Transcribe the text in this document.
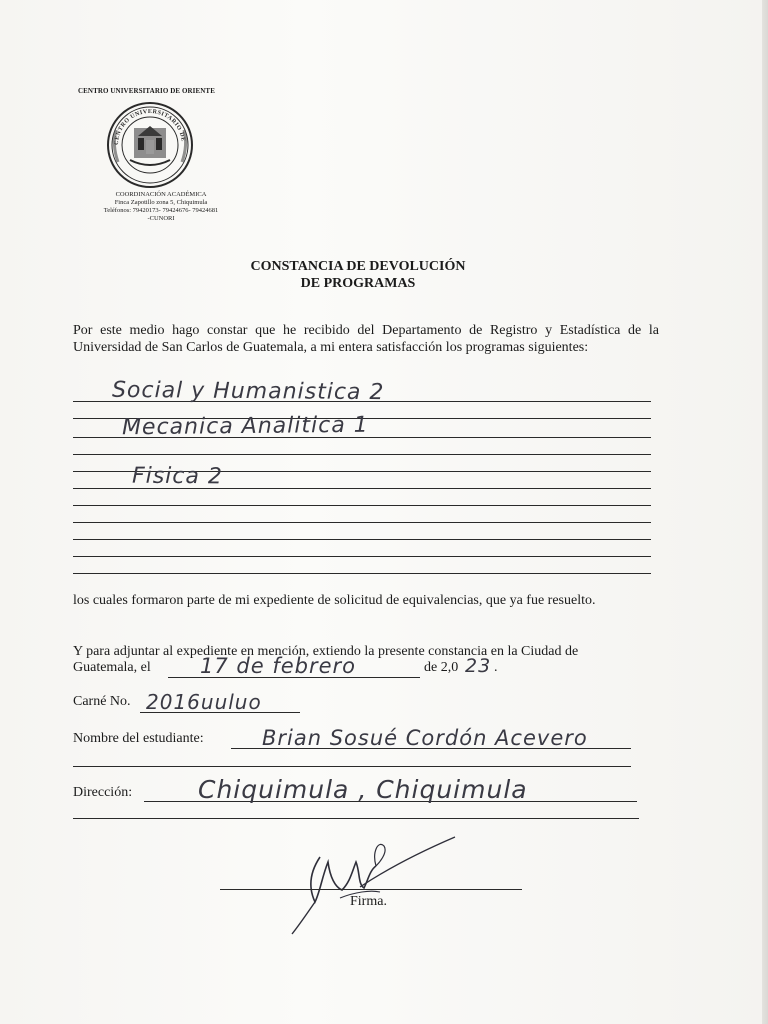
CENTRO UNIVERSITARIO DE ORIENTE
CENTRO UNIVERSITARIO DE
COORDINACIÓN ACADÉMICA
Finca Zapotillo zona 5, Chiquimula
Teléfonos: 79420173- 79424676- 79424681
-CUNORI
CONSTANCIA DE DEVOLUCIÓN
DE PROGRAMAS
Por este medio hago constar que he recibido del Departamento de Registro y Estadística de la Universidad de San Carlos de Guatemala, a mi entera satisfacción los programas siguientes:
Social y Humanistica 2
Mecanica Analitica 1
Fisica 2
los cuales formaron parte de mi expediente de solicitud de equivalencias, que ya fue resuelto.
Y para adjuntar al expediente en mención, extiendo la presente constancia en la Ciudad de
Guatemala, el 17 de febrero	de 2,0 23 .
Carné No. 2016uuluo
Nombre del estudiante:	Brian Sosué Cordón Acevero
Dirección:	Chiquimula , Chiquimula
Firma.
